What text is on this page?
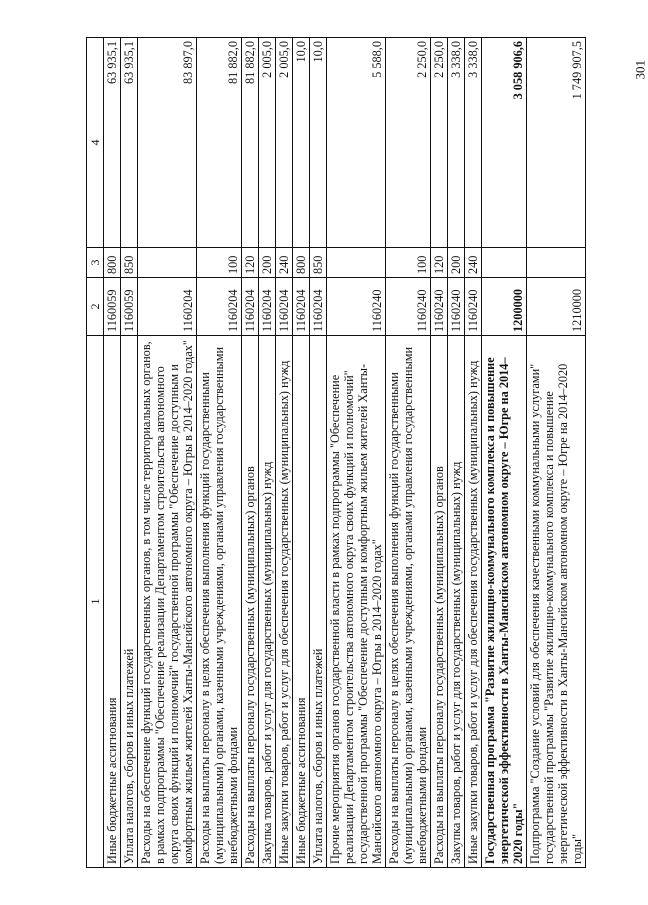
301
1	2	3	4
Иные бюджетные ассигнования	1160059	800	63 935,1
Уплата налогов, сборов и иных платежей	1160059	850	63 935,1
Расходы на обеспечение функций государственных органов, в том числе территориальных органов, в рамках подпрограммы "Обеспечение реализации Департаментом строительства автономного округа своих функций и полномочий" государственной программы "Обеспечение доступным и комфортным жильем жителей Ханты-Мансийского автономного округа – Югры в 2014–2020 годах"	1160204		83 897,0
Расходы на выплаты персоналу в целях обеспечения выполнения функций государственными (муниципальными) органами, казенными учреждениями, органами управления государственными внебюджетными фондами	1160204	100	81 882,0
Расходы на выплаты персоналу государственных (муниципальных) органов	1160204	120	81 882,0
Закупка товаров, работ и услуг для государственных (муниципальных) нужд	1160204	200	2 005,0
Иные закупки товаров, работ и услуг для обеспечения государственных (муниципальных) нужд	1160204	240	2 005,0
Иные бюджетные ассигнования	1160204	800	10,0
Уплата налогов, сборов и иных платежей	1160204	850	10,0
Прочие мероприятия органов государственной власти в рамках подпрограммы "Обеспечение реализации Департаментом строительства автономного округа своих функций и полномочий" государственной программы "Обеспечение доступным и комфортным жильем жителей Ханты-Мансийского автономного округа – Югры в 2014–2020 годах"	1160240		5 588,0
Расходы на выплаты персоналу в целях обеспечения выполнения функций государственными (муниципальными) органами, казенными учреждениями, органами управления государственными внебюджетными фондами	1160240	100	2 250,0
Расходы на выплаты персоналу государственных (муниципальных) органов	1160240	120	2 250,0
Закупка товаров, работ и услуг для государственных (муниципальных) нужд	1160240	200	3 338,0
Иные закупки товаров, работ и услуг для обеспечения государственных (муниципальных) нужд	1160240	240	3 338,0
Государственная программа "Развитие жилищно-коммунального комплекса и повышение энергетической эффективности в Ханты-Мансийском автономном округе – Югре на 2014–2020 годы"	1200000		3 058 906,6
Подпрограмма "Создание условий для обеспечения качественными коммунальными услугами" государственной программы "Развитие жилищно-коммунального комплекса и повышение энергетической эффективности в Ханты-Мансийском автономном округе – Югре на 2014–2020 годы"	1210000		1 749 907,5
